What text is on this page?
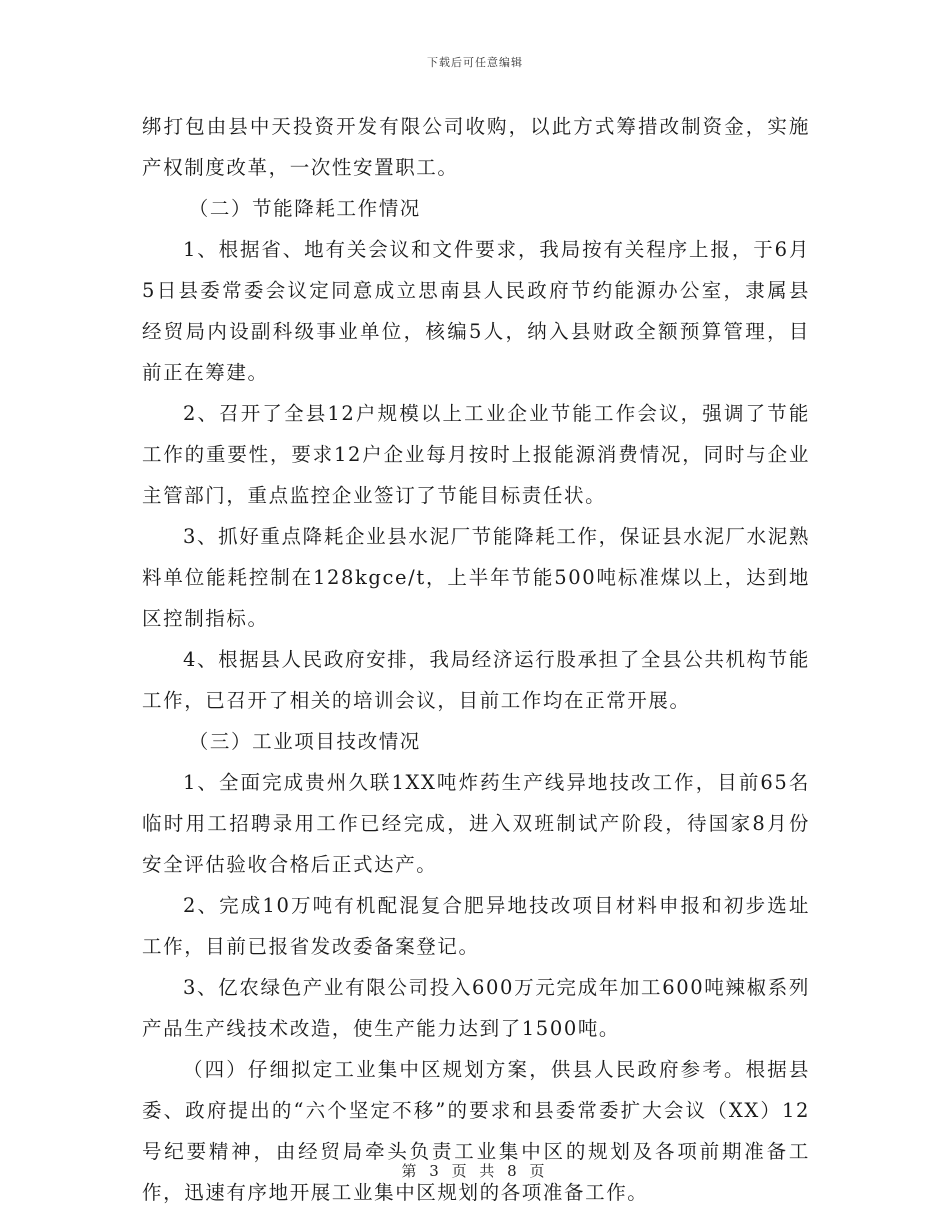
下载后可任意编辑

绑打包由县中天投资开发有限公司收购，以此方式筹措改制资金，实施产权制度改革，一次性安置职工。

（二）节能降耗工作情况

1、根据省、地有关会议和文件要求，我局按有关程序上报，于6月5日县委常委会议定同意成立思南县人民政府节约能源办公室，隶属县经贸局内设副科级事业单位，核编5人，纳入县财政全额预算管理，目前正在筹建。

2、召开了全县12户规模以上工业企业节能工作会议，强调了节能工作的重要性，要求12户企业每月按时上报能源消费情况，同时与企业主管部门，重点监控企业签订了节能目标责任状。

3、抓好重点降耗企业县水泥厂节能降耗工作，保证县水泥厂水泥熟料单位能耗控制在128kgce/t，上半年节能500吨标准煤以上，达到地区控制指标。

4、根据县人民政府安排，我局经济运行股承担了全县公共机构节能工作，已召开了相关的培训会议，目前工作均在正常开展。

（三）工业项目技改情况

1、全面完成贵州久联1XX吨炸药生产线异地技改工作，目前65名临时用工招聘录用工作已经完成，进入双班制试产阶段，待国家8月份安全评估验收合格后正式达产。

2、完成10万吨有机配混复合肥异地技改项目材料申报和初步选址工作，目前已报省发改委备案登记。

3、亿农绿色产业有限公司投入600万元完成年加工600吨辣椒系列产品生产线技术改造，使生产能力达到了1500吨。

（四）仔细拟定工业集中区规划方案，供县人民政府参考。根据县委、政府提出的“六个坚定不移”的要求和县委常委扩大会议（XX）12号纪要精神，由经贸局牵头负责工业集中区的规划及各项前期准备工作，迅速有序地开展工业集中区规划的各项准备工作。

第 3 页 共 8 页
